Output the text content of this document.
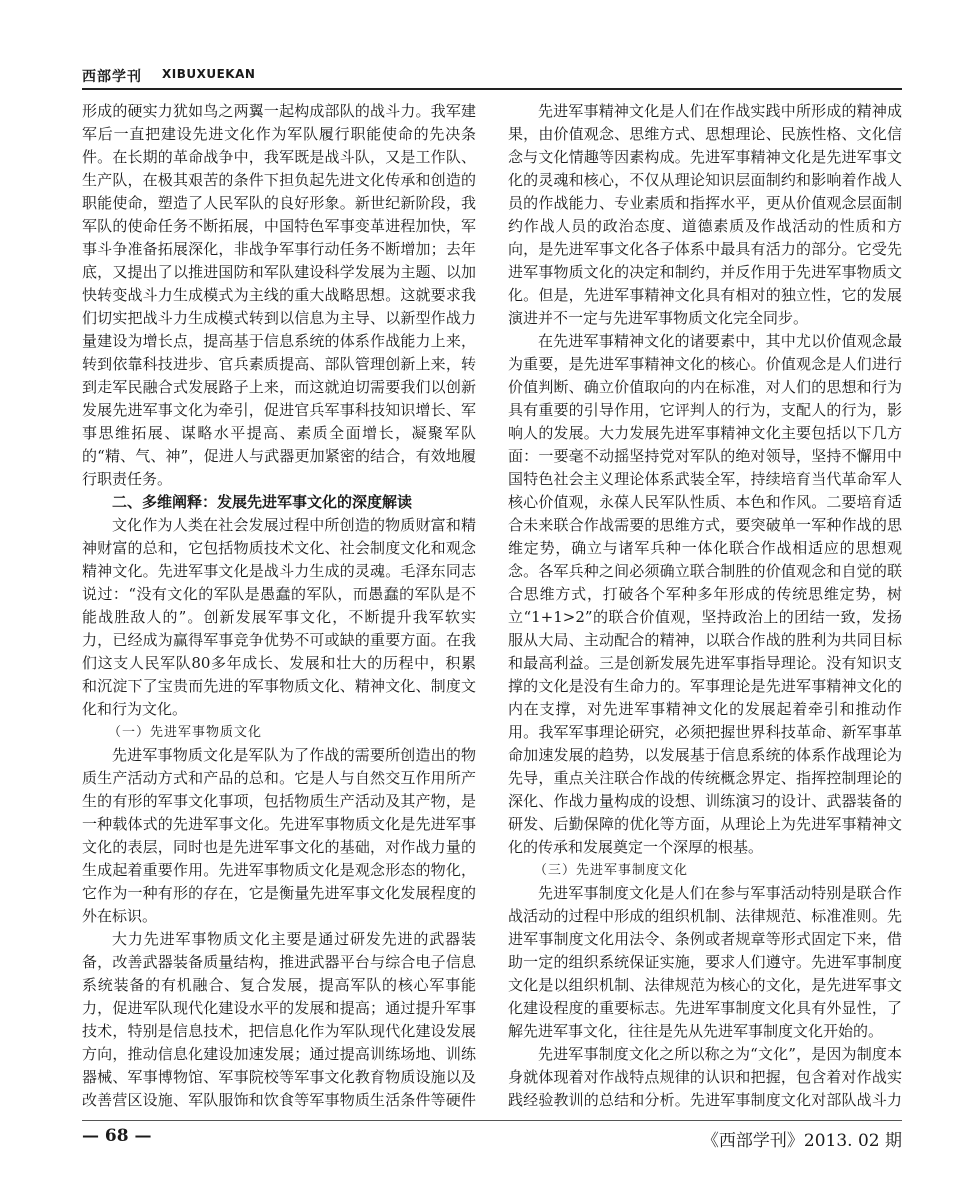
西部学刊 XIBUXUEKAN

形成的硬实力犹如鸟之两翼一起构成部队的战斗力。我军建军后一直把建设先进文化作为军队履行职能使命的先决条件。在长期的革命战争中，我军既是战斗队，又是工作队、生产队，在极其艰苦的条件下担负起先进文化传承和创造的职能使命，塑造了人民军队的良好形象。新世纪新阶段，我军队的使命任务不断拓展，中国特色军事变革进程加快，军事斗争准备拓展深化，非战争军事行动任务不断增加；去年底，又提出了以推进国防和军队建设科学发展为主题、以加快转变战斗力生成模式为主线的重大战略思想。这就要求我们切实把战斗力生成模式转到以信息为主导、以新型作战力量建设为增长点，提高基于信息系统的体系作战能力上来，转到依靠科技进步、官兵素质提高、部队管理创新上来，转到走军民融合式发展路子上来，而这就迫切需要我们以创新发展先进军事文化为牵引，促进官兵军事科技知识增长、军事思维拓展、谋略水平提高、素质全面增长，凝聚军队的“精、气、神”，促进人与武器更加紧密的结合，有效地履行职责任务。

二、多维阐释：发展先进军事文化的深度解读

文化作为人类在社会发展过程中所创造的物质财富和精神财富的总和，它包括物质技术文化、社会制度文化和观念精神文化。先进军事文化是战斗力生成的灵魂。毛泽东同志说过：“没有文化的军队是愚蠢的军队，而愚蠢的军队是不能战胜敌人的”。创新发展军事文化，不断提升我军软实力，已经成为赢得军事竞争优势不可或缺的重要方面。在我们这支人民军队80多年成长、发展和壮大的历程中，积累和沉淀下了宝贵而先进的军事物质文化、精神文化、制度文化和行为文化。

（一）先进军事物质文化

先进军事物质文化是军队为了作战的需要所创造出的物质生产活动方式和产品的总和。它是人与自然交互作用所产生的有形的军事文化事项，包括物质生产活动及其产物，是一种载体式的先进军事文化。先进军事物质文化是先进军事文化的表层，同时也是先进军事文化的基础，对作战力量的生成起着重要作用。先进军事物质文化是观念形态的物化，它作为一种有形的存在，它是衡量先进军事文化发展程度的外在标识。

大力先进军事物质文化主要是通过研发先进的武器装备，改善武器装备质量结构，推进武器平台与综合电子信息系统装备的有机融合、复合发展，提高军队的核心军事能力，促进军队现代化建设水平的发展和提高；通过提升军事技术，特别是信息技术，把信息化作为军队现代化建设发展方向，推动信息化建设加速发展；通过提高训练场地、训练器械、军事博物馆、军事院校等军事文化教育物质设施以及改善营区设施、军队服饰和饮食等军事物质生活条件等硬件

先进军事精神文化是人们在作战实践中所形成的精神成果，由价值观念、思维方式、思想理论、民族性格、文化信念与文化情趣等因素构成。先进军事精神文化是先进军事文化的灵魂和核心，不仅从理论知识层面制约和影响着作战人员的作战能力、专业素质和指挥水平，更从价值观念层面制约作战人员的政治态度、道德素质及作战活动的性质和方向，是先进军事文化各子体系中最具有活力的部分。它受先进军事物质文化的决定和制约，并反作用于先进军事物质文化。但是，先进军事精神文化具有相对的独立性，它的发展演进并不一定与先进军事物质文化完全同步。

在先进军事精神文化的诸要素中，其中尤以价值观念最为重要，是先进军事精神文化的核心。价值观念是人们进行价值判断、确立价值取向的内在标准，对人们的思想和行为具有重要的引导作用，它评判人的行为，支配人的行为，影响人的发展。大力发展先进军事精神文化主要包括以下几方面：一要毫不动摇坚持党对军队的绝对领导，坚持不懈用中国特色社会主义理论体系武装全军，持续培育当代革命军人核心价值观，永葆人民军队性质、本色和作风。二要培育适合未来联合作战需要的思维方式，要突破单一军种作战的思维定势，确立与诸军兵种一体化联合作战相适应的思想观念。各军兵种之间必须确立联合制胜的价值观念和自觉的联合思维方式，打破各个军种多年形成的传统思维定势，树立“1+1>2”的联合价值观，坚持政治上的团结一致，发扬服从大局、主动配合的精神，以联合作战的胜利为共同目标和最高利益。三是创新发展先进军事指导理论。没有知识支撑的文化是没有生命力的。军事理论是先进军事精神文化的内在支撑，对先进军事精神文化的发展起着牵引和推动作用。我军军事理论研究，必须把握世界科技革命、新军事革命加速发展的趋势，以发展基于信息系统的体系作战理论为先导，重点关注联合作战的传统概念界定、指挥控制理论的深化、作战力量构成的设想、训练演习的设计、武器装备的研发、后勤保障的优化等方面，从理论上为先进军事精神文化的传承和发展奠定一个深厚的根基。

（三）先进军事制度文化

先进军事制度文化是人们在参与军事活动特别是联合作战活动的过程中形成的组织机制、法律规范、标准准则。先进军事制度文化用法令、条例或者规章等形式固定下来，借助一定的组织系统保证实施，要求人们遵守。先进军事制度文化是以组织机制、法律规范为核心的文化，是先进军事文化建设程度的重要标志。先进军事制度文化具有外显性，了解先进军事文化，往往是先从先进军事制度文化开始的。

先进军事制度文化之所以称之为“文化”，是因为制度本身就体现着对作战特点规律的认识和把握，包含着对作战实践经验教训的总结和分析。先进军事制度文化对部队战斗力

— 68 —	《西部学刊》2013. 02 期
